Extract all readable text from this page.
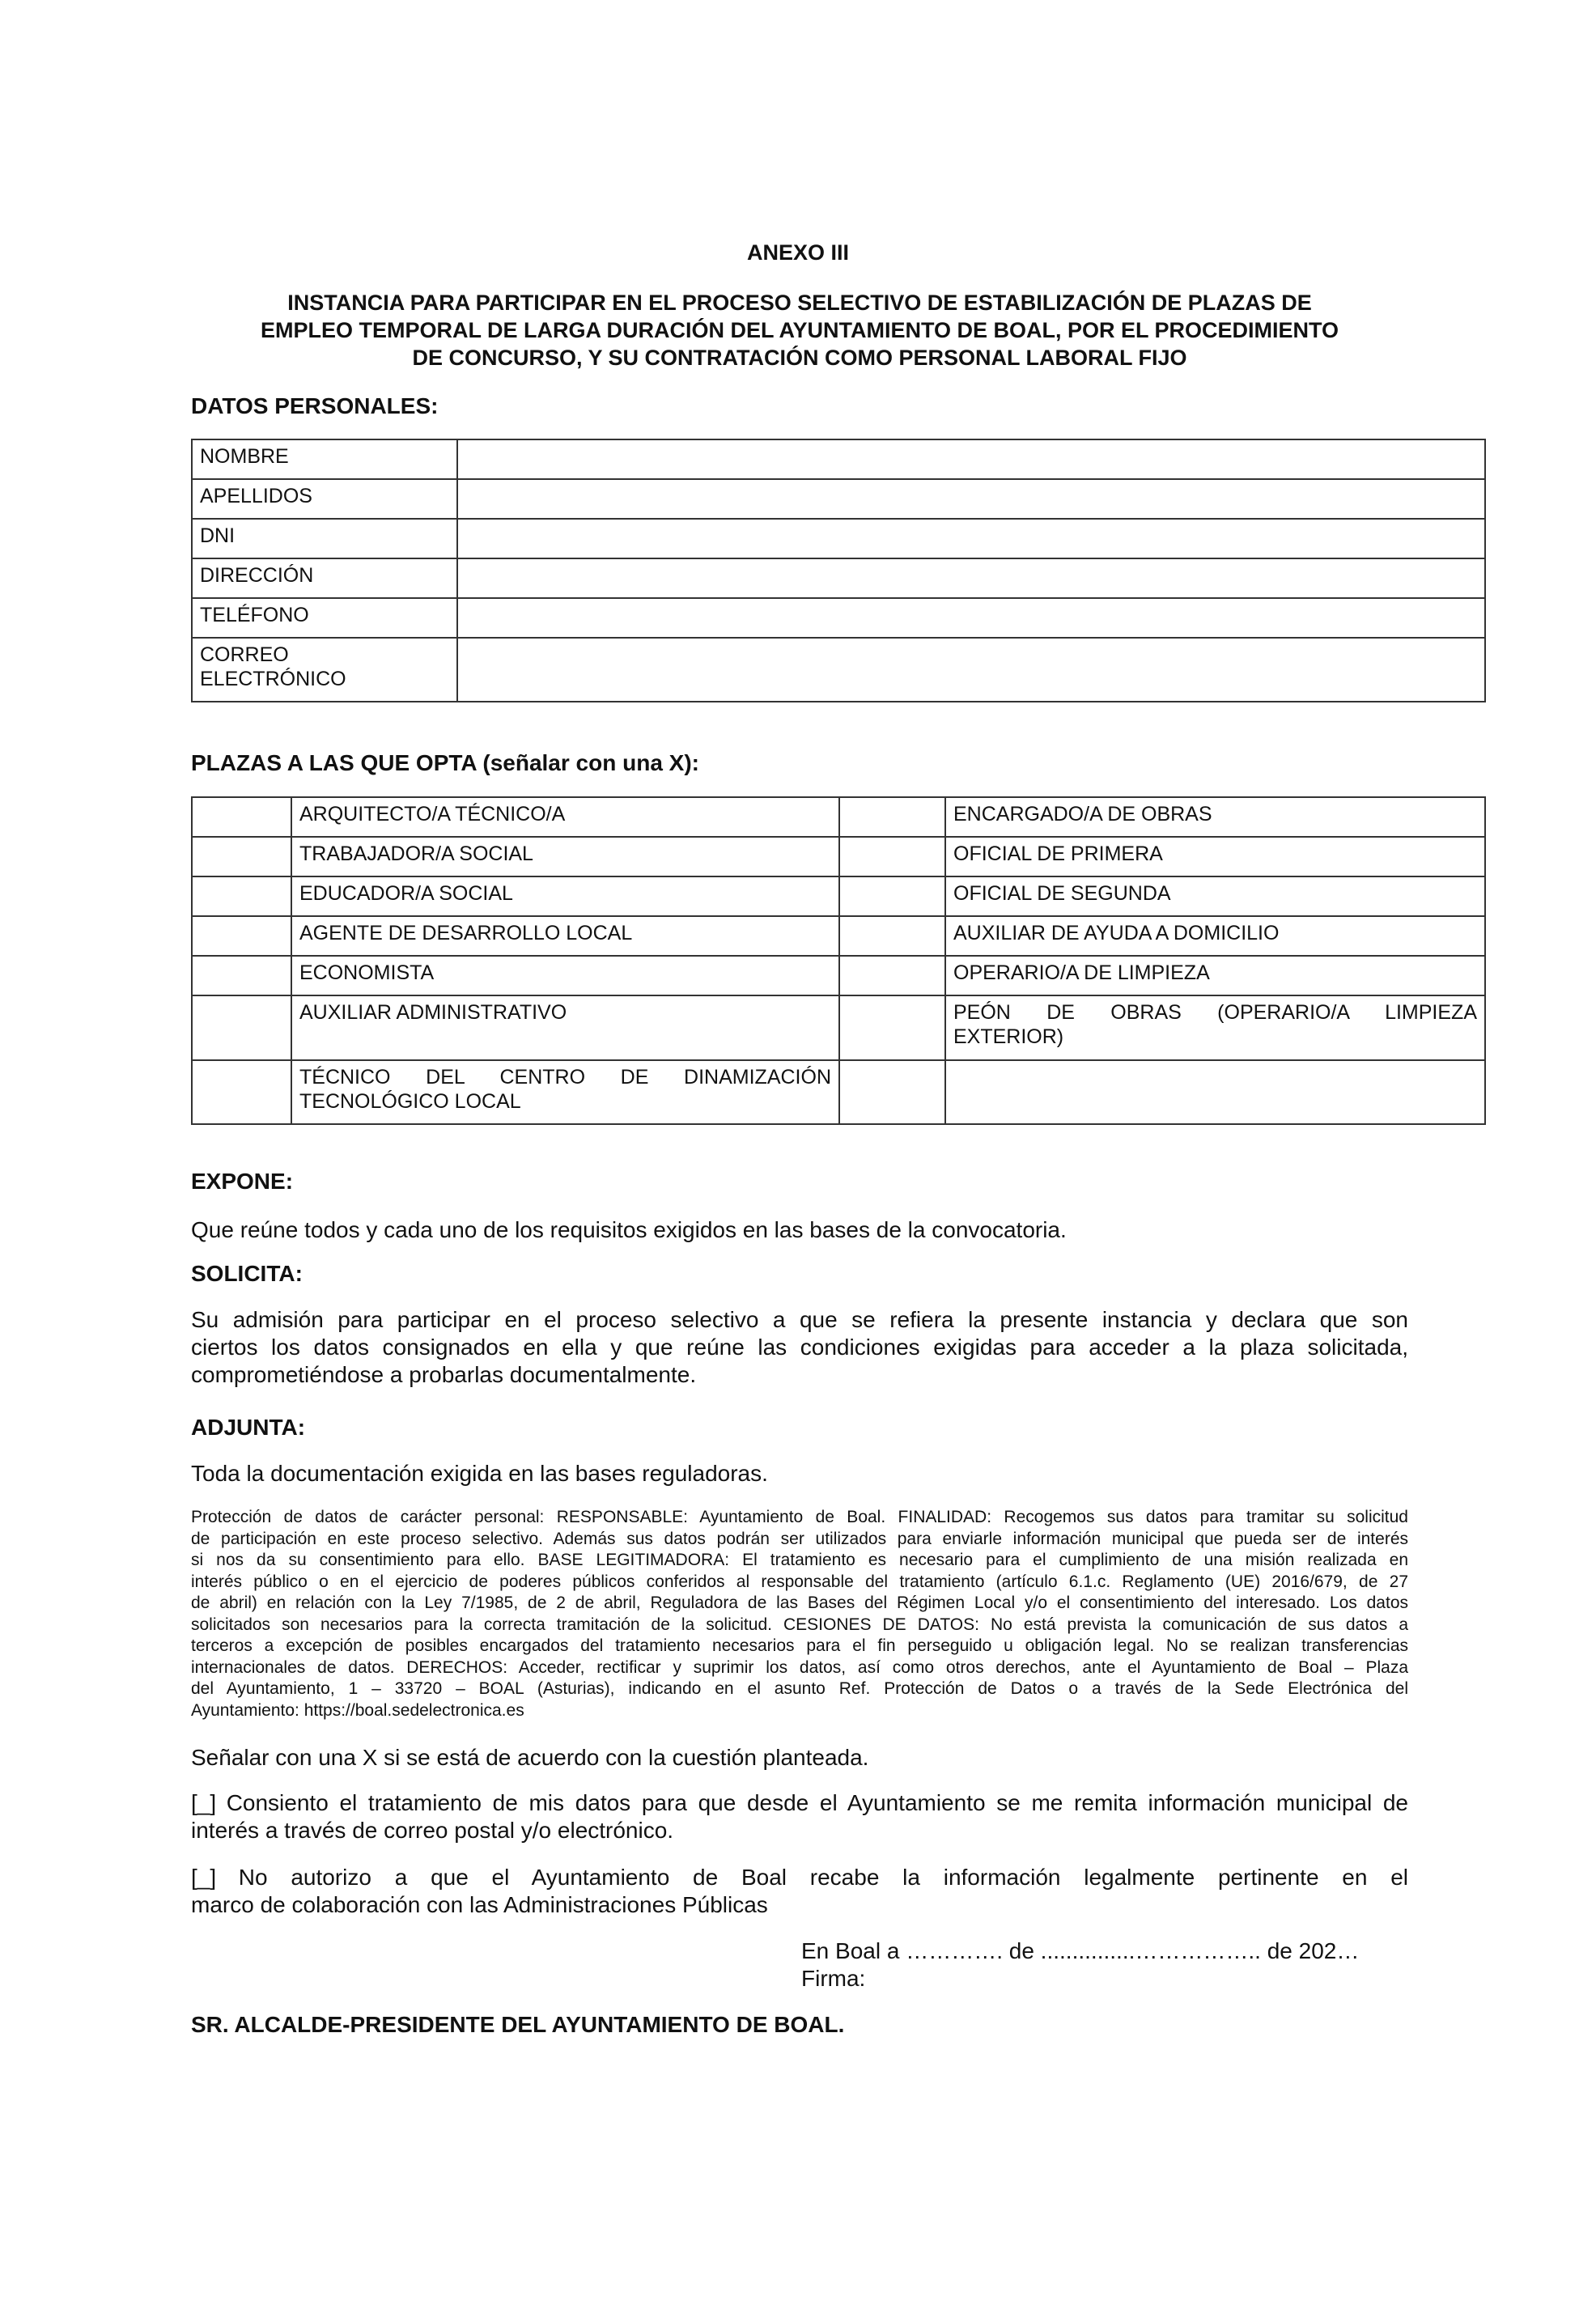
ANEXO III
INSTANCIA PARA PARTICIPAR EN EL PROCESO SELECTIVO DE ESTABILIZACIÓN DE PLAZAS DE
EMPLEO TEMPORAL DE LARGA DURACIÓN DEL AYUNTAMIENTO DE BOAL, POR EL PROCEDIMIENTO
DE CONCURSO, Y SU CONTRATACIÓN COMO PERSONAL LABORAL FIJO
DATOS PERSONALES:
NOMBRE	
APELLIDOS	
DNI	
DIRECCIÓN	
TELÉFONO	

CORREO
ELECTRÓNICO	

PLAZAS A LAS QUE OPTA (señalar con una X):
	ARQUITECTO/A TÉCNICO/A		ENCARGADO/A DE OBRAS
	TRABAJADOR/A SOCIAL		OFICIAL DE PRIMERA
	EDUCADOR/A SOCIAL		OFICIAL DE SEGUNDA
	AGENTE DE DESARROLLO LOCAL		AUXILIAR DE AYUDA A DOMICILIO
	ECONOMISTA		OPERARIO/A DE LIMPIEZA
	AUXILIAR ADMINISTRATIVO		PEÓN DE OBRAS (OPERARIO/A LIMPIEZA
EXTERIOR)

	TÉCNICO DEL CENTRO DE DINAMIZACIÓN
TECNOLÓGICO LOCAL		

EXPONE:
Que reúne todos y cada uno de los requisitos exigidos en las bases de la convocatoria.
SOLICITA:
Su admisión para participar en el proceso selectivo a que se refiera la presente instancia y declara que son
ciertos los datos consignados en ella y que reúne las condiciones exigidas para acceder a la plaza solicitada,
comprometiéndose a probarlas documentalmente.
ADJUNTA:
Toda la documentación exigida en las bases reguladoras.
Protección de datos de carácter personal: RESPONSABLE: Ayuntamiento de Boal. FINALIDAD: Recogemos sus datos para tramitar su solicitud
de participación en este proceso selectivo. Además sus datos podrán ser utilizados para enviarle información municipal que pueda ser de interés
si nos da su consentimiento para ello. BASE LEGITIMADORA: El tratamiento es necesario para el cumplimiento de una misión realizada en
interés público o en el ejercicio de poderes públicos conferidos al responsable del tratamiento (artículo 6.1.c. Reglamento (UE) 2016/679, de 27
de abril) en relación con la Ley 7/1985, de 2 de abril, Reguladora de las Bases del Régimen Local y/o el consentimiento del interesado. Los datos
solicitados son necesarios para la correcta tramitación de la solicitud. CESIONES DE DATOS: No está prevista la comunicación de sus datos a
terceros a excepción de posibles encargados del tratamiento necesarios para el fin perseguido u obligación legal. No se realizan transferencias
internacionales de datos. DERECHOS: Acceder, rectificar y suprimir los datos, así como otros derechos, ante el Ayuntamiento de Boal – Plaza
del Ayuntamiento, 1 – 33720 – BOAL (Asturias), indicando en el asunto Ref. Protección de Datos o a través de la Sede Electrónica del
Ayuntamiento: https://boal.sedelectronica.es
Señalar con una X si se está de acuerdo con la cuestión planteada.
[_] Consiento el tratamiento de mis datos para que desde el Ayuntamiento se me remita información municipal de
interés a través de correo postal y/o electrónico.
[_] No autorizo a que el Ayuntamiento de Boal recabe la información legalmente pertinente en el
marco de colaboración con las Administraciones Públicas
En Boal a …………. de ...............…………….. de 202…
Firma:
SR. ALCALDE-PRESIDENTE DEL AYUNTAMIENTO DE BOAL.
